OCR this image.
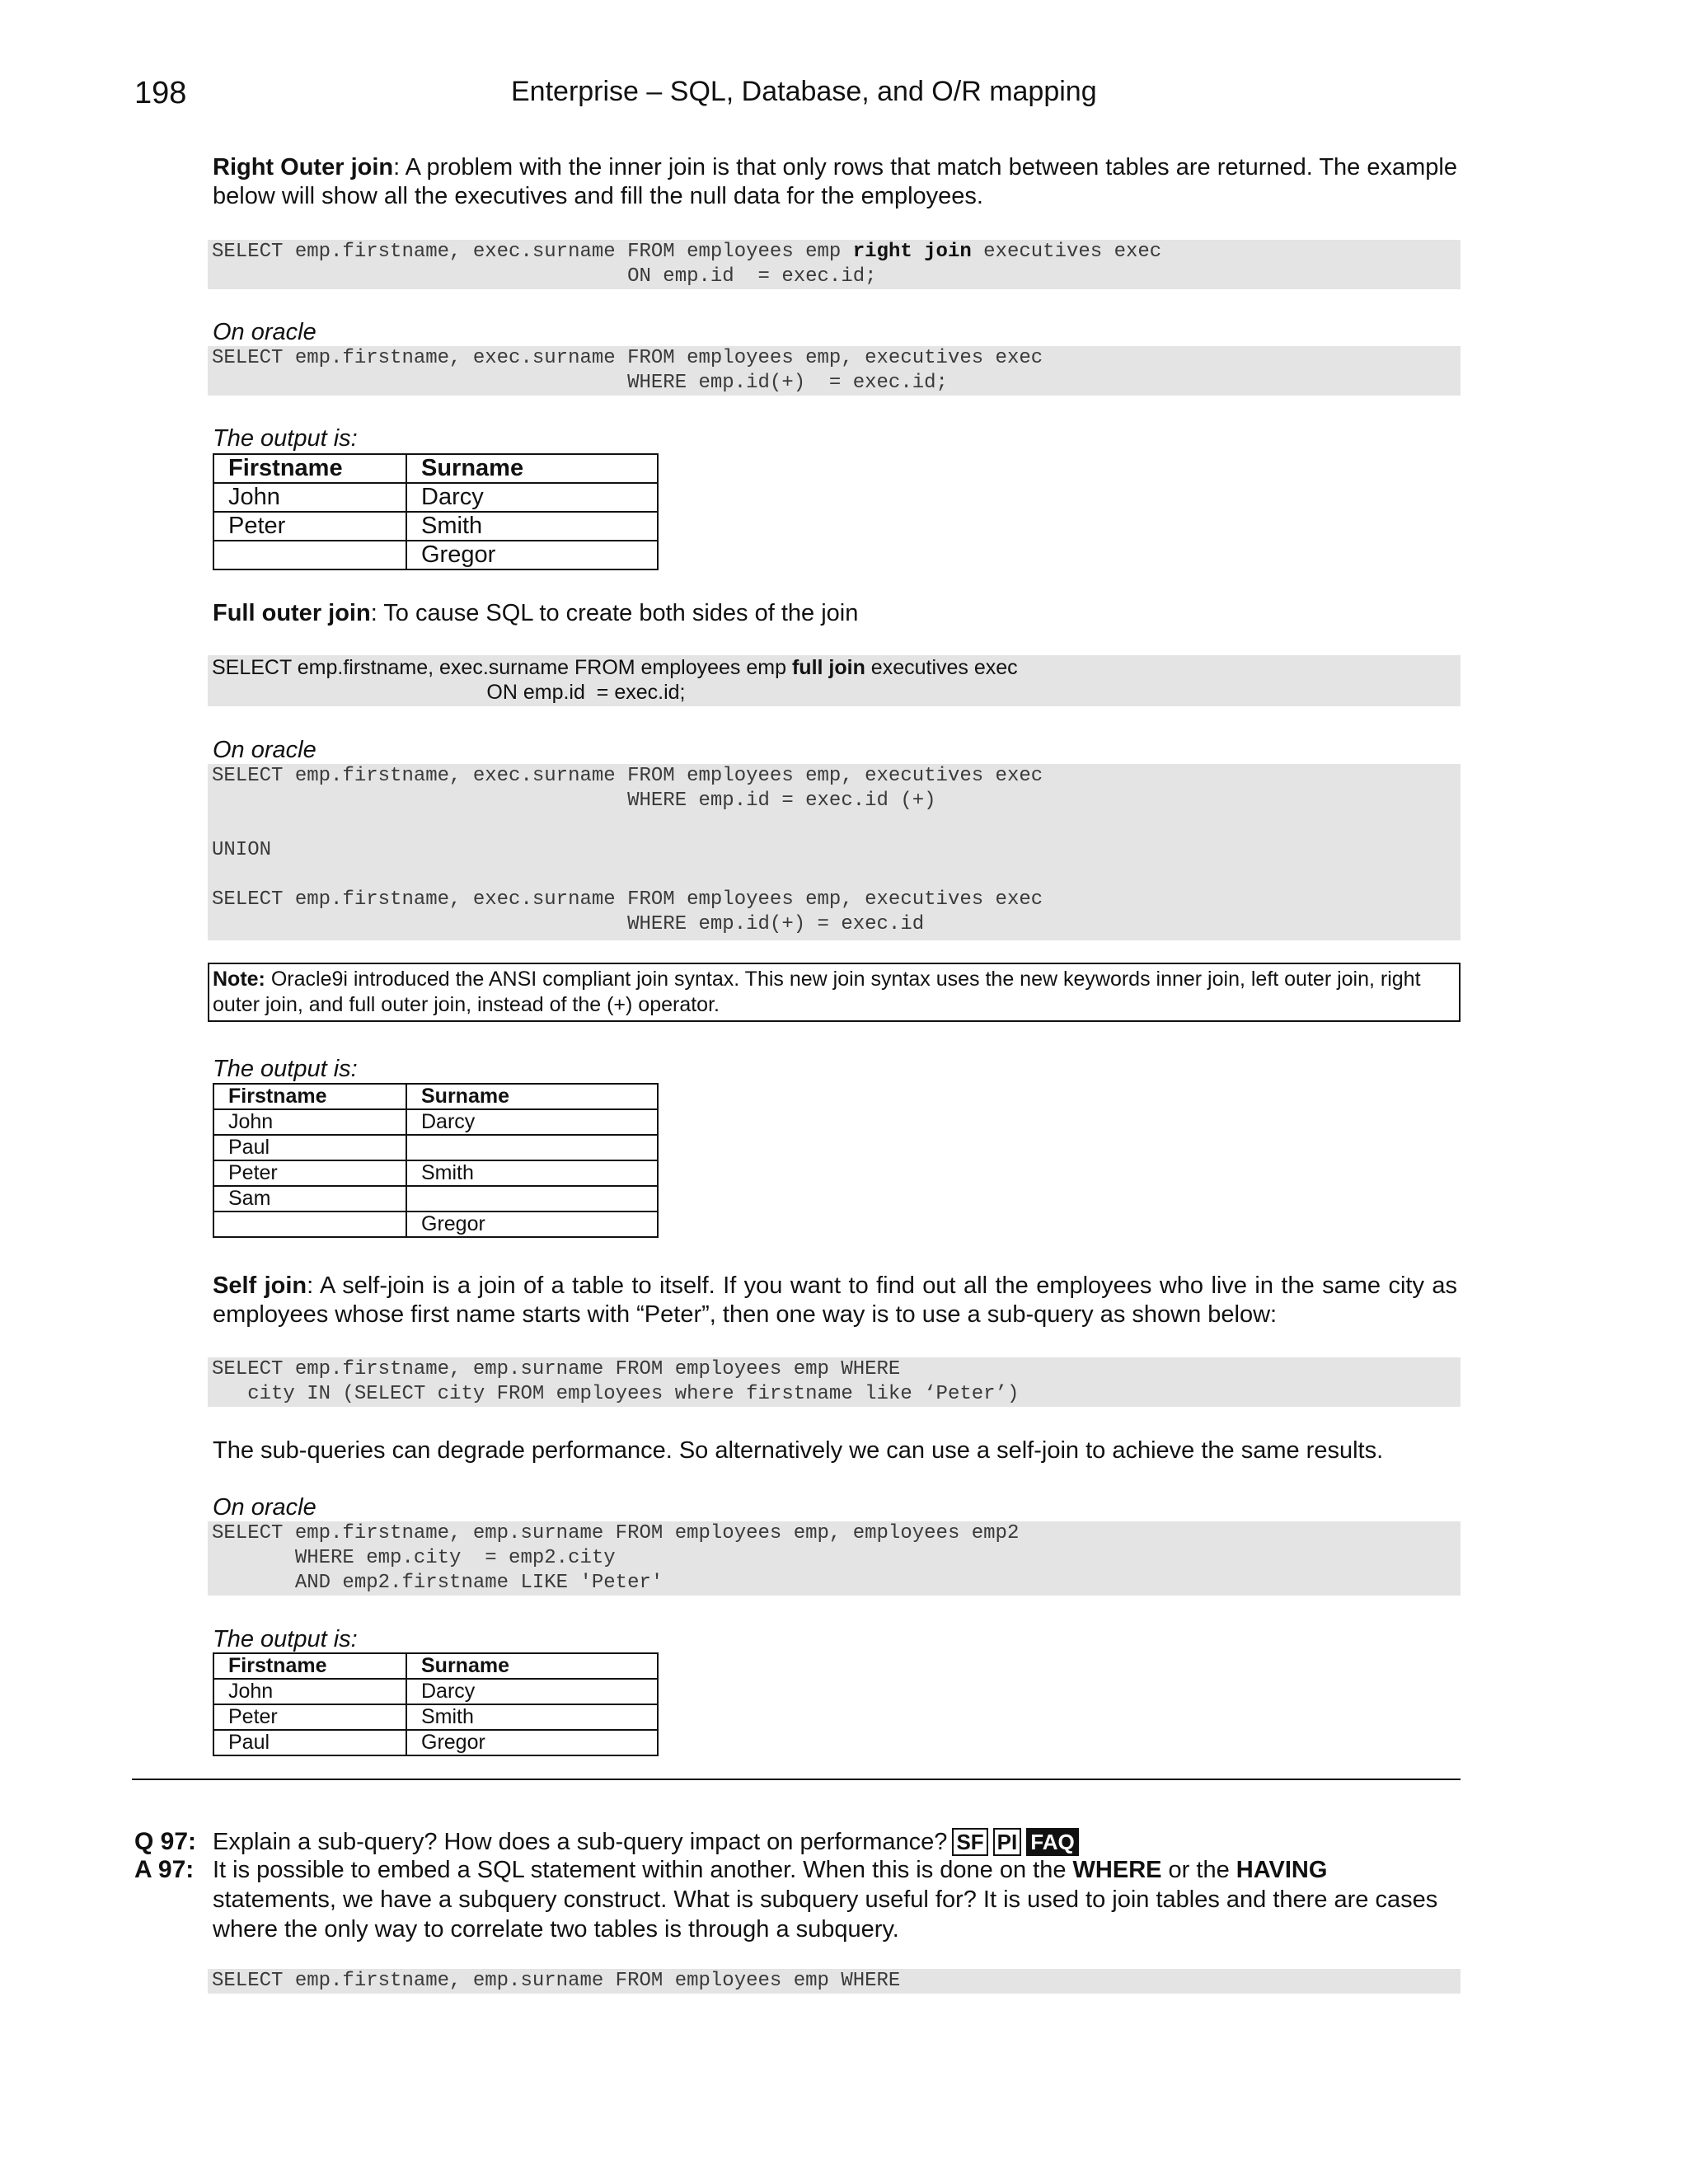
198	Enterprise – SQL, Database, and O/R mapping
Right Outer join: A problem with the inner join is that only rows that match between tables are returned. The example below will show all the executives and fill the null data for the employees.
SELECT emp.firstname, exec.surname FROM employees emp right join executives exec
ON emp.id  = exec.id;
On oracle
SELECT emp.firstname, exec.surname FROM employees emp, executives exec
WHERE emp.id(+)  = exec.id;
The output is:
Firstname	Surname
John	Darcy
Peter	Smith
	Gregor
Full outer join: To cause SQL to create both sides of the join
SELECT emp.firstname, exec.surname FROM employees emp full join executives exec
ON emp.id  = exec.id;
On oracle
SELECT emp.firstname, exec.surname FROM employees emp, executives exec
WHERE emp.id = exec.id (+)

UNION

SELECT emp.firstname, exec.surname FROM employees emp, executives exec
WHERE emp.id(+) = exec.id
Note: Oracle9i introduced the ANSI compliant join syntax. This new join syntax uses the new keywords inner join, left outer join, right outer join, and full outer join, instead of the (+) operator.
The output is:
Firstname	Surname
John	Darcy
Paul	
Peter	Smith
Sam	
	Gregor
Self join: A self-join is a join of a table to itself. If you want to find out all the employees who live in the same city as employees whose first name starts with “Peter”, then one way is to use a sub-query as shown below:
SELECT emp.firstname, emp.surname FROM employees emp WHERE
city IN (SELECT city FROM employees where firstname like ‘Peter’)
The sub-queries can degrade performance. So alternatively we can use a self-join to achieve the same results.
On oracle
SELECT emp.firstname, emp.surname FROM employees emp, employees emp2
WHERE emp.city  = emp2.city
AND emp2.firstname LIKE 'Peter'
The output is:
Firstname	Surname
John	Darcy
Peter	Smith
Paul	Gregor
Q 97: Explain a sub-query? How does a sub-query impact on performance? SF PI FAQ
A 97: It is possible to embed a SQL statement within another. When this is done on the WHERE or the HAVING statements, we have a subquery construct. What is subquery useful for? It is used to join tables and there are cases where the only way to correlate two tables is through a subquery.
SELECT emp.firstname, emp.surname FROM employees emp WHERE
